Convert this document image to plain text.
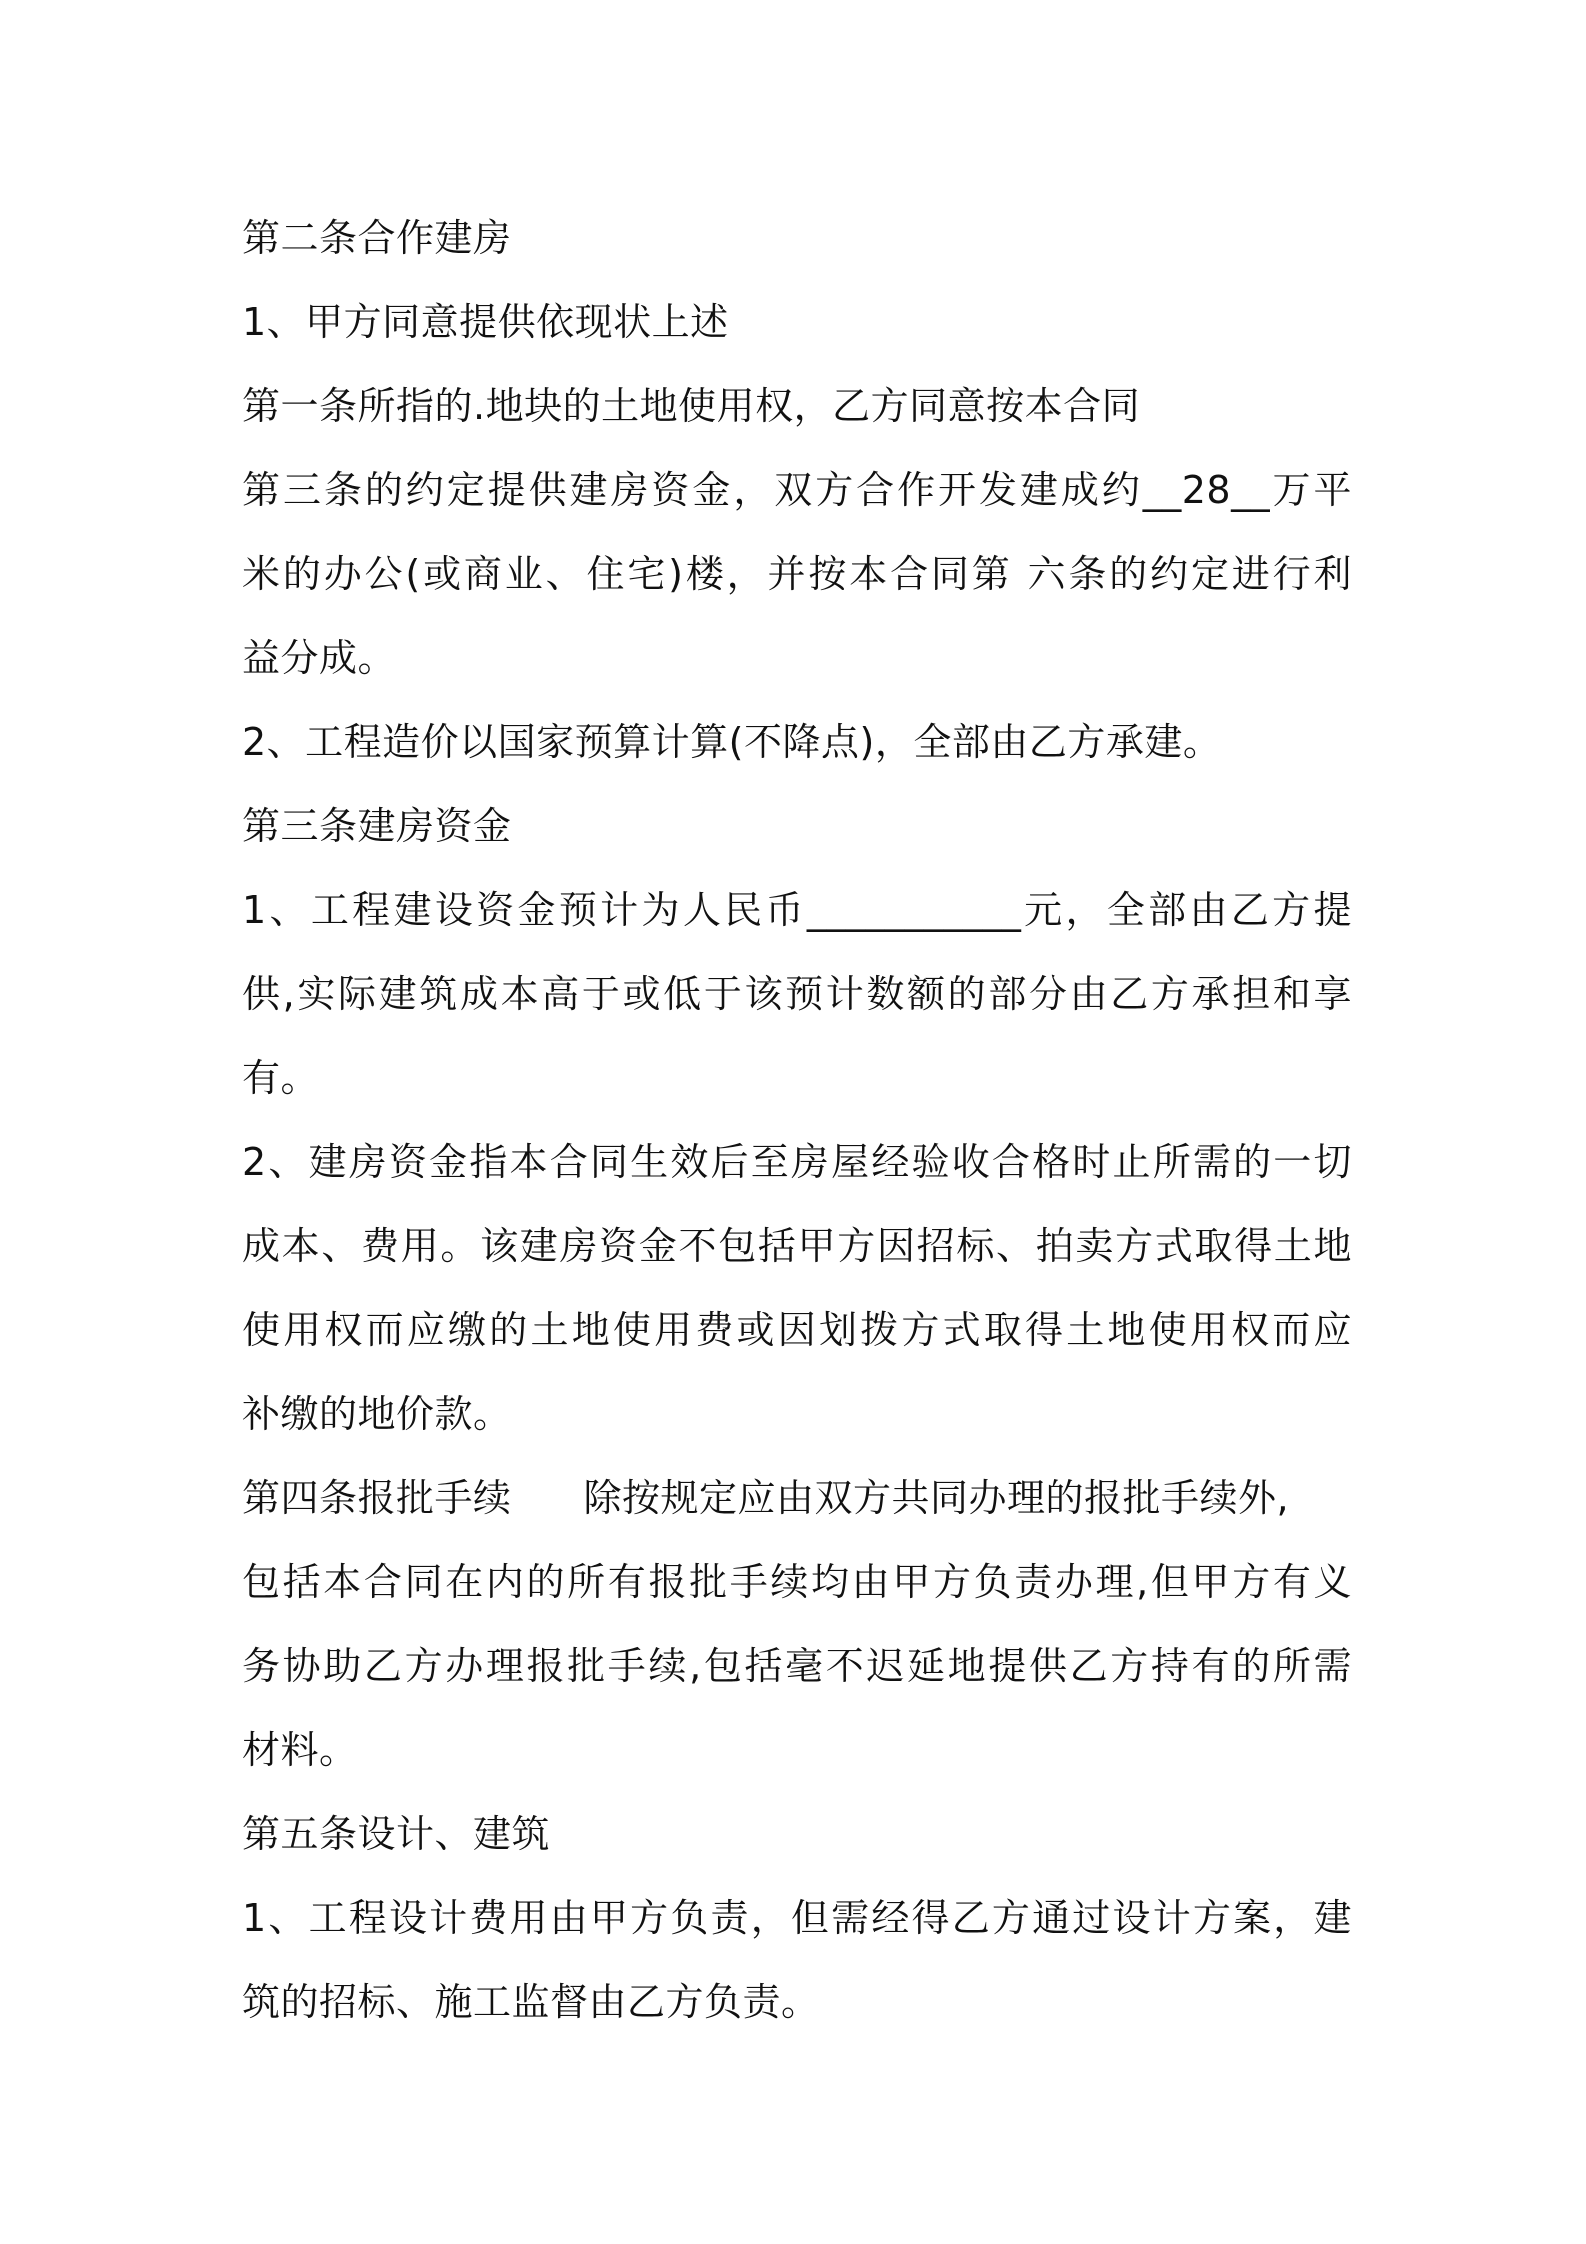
第二条合作建房
1、甲方同意提供依现状上述
第一条所指的.地块的土地使用权，乙方同意按本合同
第三条的约定提供建房资金，双方合作开发建成约__28__万平
米的办公(或商业、住宅)楼，并按本合同第 六条的约定进行利
益分成。
2、工程造价以国家预算计算(不降点)，全部由乙方承建。
第三条建房资金
1、工程建设资金预计为人民币___________元，全部由乙方提
供,实际建筑成本高于或低于该预计数额的部分由乙方承担和享
有。
2、建房资金指本合同生效后至房屋经验收合格时止所需的一切
成本、费用。该建房资金不包括甲方因招标、拍卖方式取得土地
使用权而应缴的土地使用费或因划拨方式取得土地使用权而应
补缴的地价款。
第四条报批手续 除按规定应由双方共同办理的报批手续外,
包括本合同在内的所有报批手续均由甲方负责办理,但甲方有义
务协助乙方办理报批手续,包括毫不迟延地提供乙方持有的所需
材料。
第五条设计、建筑
1、工程设计费用由甲方负责，但需经得乙方通过设计方案，建
筑的招标、施工监督由乙方负责。
